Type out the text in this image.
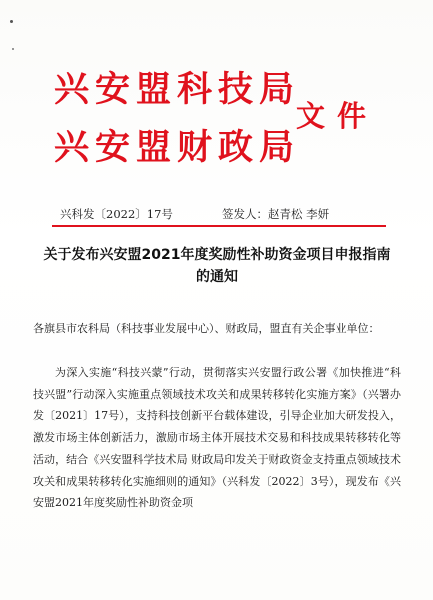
兴安盟科技局
兴安盟财政局
文件
兴科发〔2022〕17号	签发人：赵青松 李妍
关于发布兴安盟2021年度奖励性补助资金项目申报指南的通知
各旗县市农科局（科技事业发展中心）、财政局，盟直有关企事业单位：
为深入实施“科技兴蒙”行动，贯彻落实兴安盟行政公署《加快推进“科技兴盟”行动深入实施重点领域技术攻关和成果转移转化实施方案》（兴署办发〔2021〕17号），支持科技创新平台载体建设，引导企业加大研发投入，激发市场主体创新活力，激励市场主体开展技术交易和科技成果转移转化等活动，结合《兴安盟科学技术局 财政局印发关于财政资金支持重点领域技术攻关和成果转移转化实施细则的通知》（兴科发〔2022〕3号），现发布《兴安盟2021年度奖励性补助资金项
